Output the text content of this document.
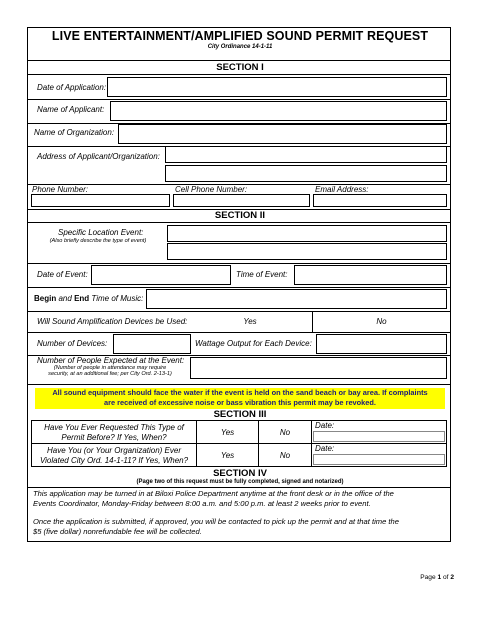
LIVE ENTERTAINMENT/AMPLIFIED SOUND PERMIT REQUEST
City Ordinance 14-1-11
SECTION I
Date of Application:
Name of Applicant:
Name of Organization:
Address of Applicant/Organization:
Phone Number:	Cell Phone Number:	Email Address:
SECTION II
Specific Location Event:
(Also briefly describe the type of event)
Date of Event:	Time of Event:
Begin and End Time of Music:
Will Sound Amplification Devices be Used:	Yes	No
Number of Devices:	Wattage Output for Each Device:
Number of People Expected at the Event:
(Number of people in attendance may require
security, at an additional fee; per City Ord. 2-13-1)
All sound equipment should face the water if the event is held on the sand beach or bay area. If complaints
are received of excessive noise or bass vibration this permit may be revoked.
SECTION III
Have You Ever Requested This Type of
Permit Before? If Yes, When?	Yes	No
Date:
Have You (or Your Organization) Ever
Violated City Ord. 14-1-11? If Yes, When?	Yes	No
Date:
SECTION IV
(Page two of this request must be fully completed, signed and notarized)
This application may be turned in at Biloxi Police Department anytime at the front desk or in the office of the
Events Coordinator, Monday-Friday between 8:00 a.m. and 5:00 p.m. at least 2 weeks prior to event.
Once the application is submitted, if approved, you will be contacted to pick up the permit and at that time the
$5 (five dollar) nonrefundable fee will be collected.
Page 1 of 2
